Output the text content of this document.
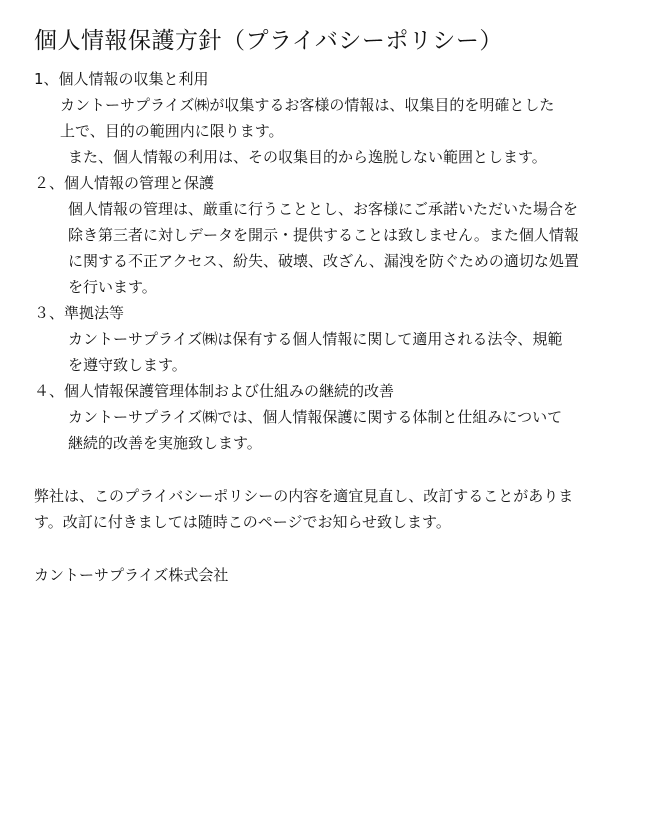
個人情報保護方針（プライバシーポリシー）
1、個人情報の収集と利用
カントーサプライズ㈱が収集するお客様の情報は、収集目的を明確とした
上で、目的の範囲内に限ります。
また、個人情報の利用は、その収集目的から逸脱しない範囲とします。
２、個人情報の管理と保護
個人情報の管理は、厳重に行うこととし、お客様にご承諾いただいた場合を
除き第三者に対しデータを開示・提供することは致しません。また個人情報
に関する不正アクセス、紛失、破壊、改ざん、漏洩を防ぐための適切な処置
を行います。
３、準拠法等
カントーサプライズ㈱は保有する個人情報に関して適用される法令、規範
を遵守致します。
４、個人情報保護管理体制および仕組みの継続的改善
カントーサプライズ㈱では、個人情報保護に関する体制と仕組みについて
継続的改善を実施致します。
弊社は、このプライバシーポリシーの内容を適宜見直し、改訂することがありま
す。改訂に付きましては随時このページでお知らせ致します。
カントーサプライズ株式会社
